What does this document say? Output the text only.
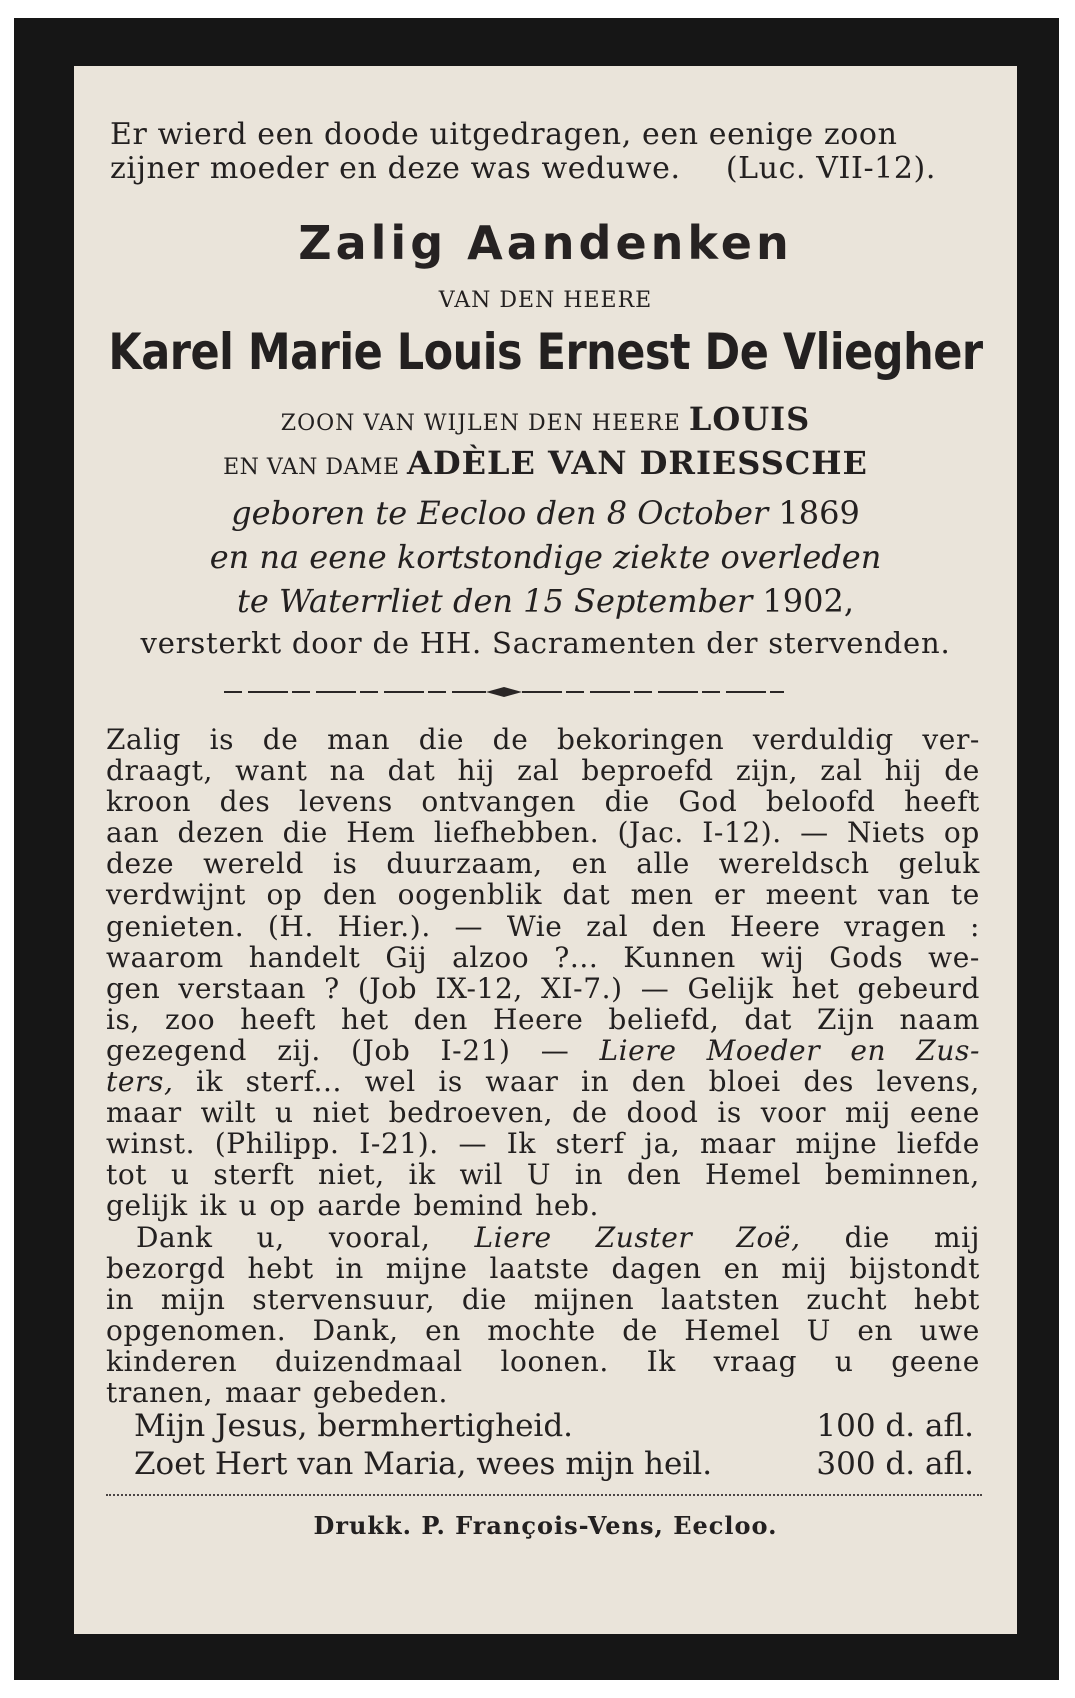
Er wierd een doode uitgedragen, een eenige zoon
zijner moeder en deze was weduwe. (Luc. VII-12).
Zalig Aandenken
VAN DEN HEERE
Karel Marie Louis Ernest De Vliegher
ZOON VAN WIJLEN DEN HEERE LOUIS
EN VAN DAME ADÈLE VAN DRIESSCHE
geboren te Eecloo den 8 October 1869
en na eene kortstondige ziekte overleden
te Waterrliet den 15 September 1902,
versterkt door de HH. Sacramenten der stervenden.
Zalig is de man die de bekoringen verduldig ver-
draagt, want na dat hij zal beproefd zijn, zal hij de
kroon des levens ontvangen die God beloofd heeft
aan dezen die Hem liefhebben. (Jac. I-12). — Niets op
deze wereld is duurzaam, en alle wereldsch geluk
verdwijnt op den oogenblik dat men er meent van te
genieten. (H. Hier.). — Wie zal den Heere vragen :
waarom handelt Gij alzoo ?... Kunnen wij Gods we-
gen verstaan ? (Job IX-12, XI-7.) — Gelijk het gebeurd
is, zoo heeft het den Heere beliefd, dat Zijn naam
gezegend zij. (Job I-21) — Liere Moeder en Zus-
ters, ik sterf... wel is waar in den bloei des levens,
maar wilt u niet bedroeven, de dood is voor mij eene
winst. (Philipp. I-21). — Ik sterf ja, maar mijne liefde
tot u sterft niet, ik wil U in den Hemel beminnen,
gelijk ik u op aarde bemind heb.
Dank u, vooral, Liere Zuster Zoë, die mij
bezorgd hebt in mijne laatste dagen en mij bijstondt
in mijn stervensuur, die mijnen laatsten zucht hebt
opgenomen. Dank, en mochte de Hemel U en uwe
kinderen duizendmaal loonen. Ik vraag u geene
tranen, maar gebeden.
Mijn Jesus, bermhertigheid.	100 d. afl.
Zoet Hert van Maria, wees mijn heil.	300 d. afl.
Drukk. P. François-Vens, Eecloo.
